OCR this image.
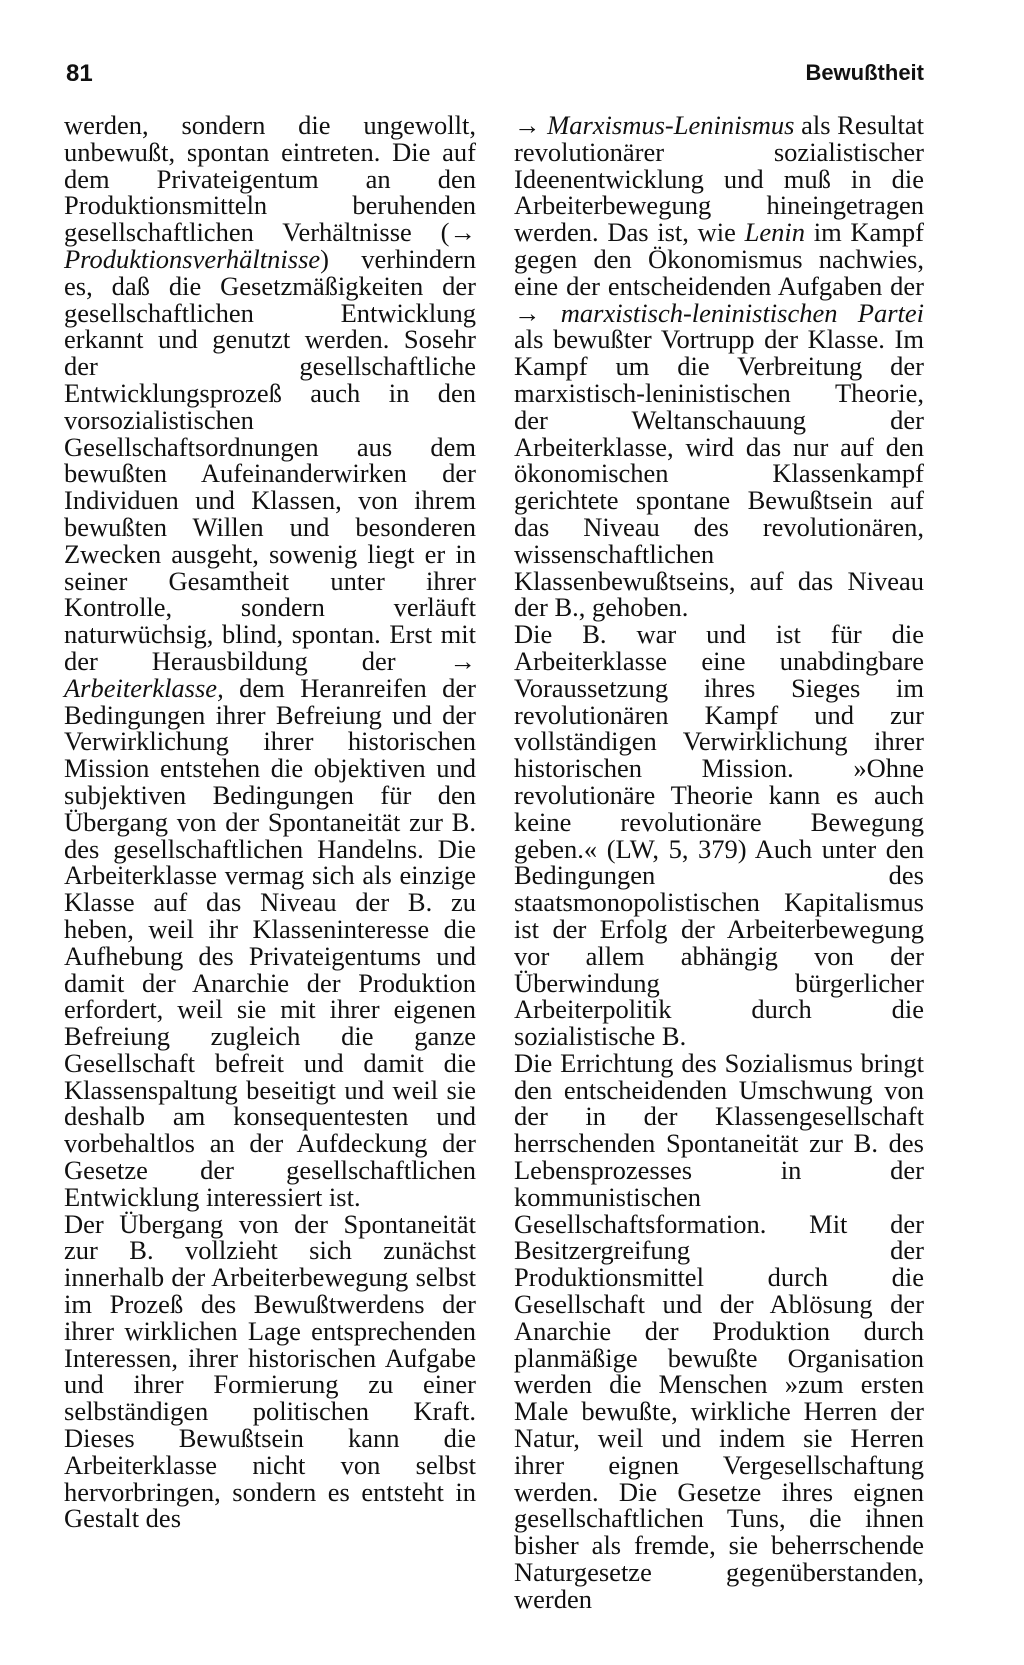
81	Bewußtheit

werden, sondern die ungewollt, unbewußt, spontan eintreten. Die auf dem Privateigentum an den Produktionsmitteln beruhenden gesellschaftlichen Verhältnisse (→ Produktionsverhältnisse) verhindern es, daß die Gesetzmäßigkeiten der gesellschaftlichen Entwicklung erkannt und genutzt werden. Sosehr der gesellschaftliche Entwicklungsprozeß auch in den vorsozialistischen Gesellschaftsordnungen aus dem bewußten Aufeinanderwirken der Individuen und Klassen, von ihrem bewußten Willen und besonderen Zwecken ausgeht, sowenig liegt er in seiner Gesamtheit unter ihrer Kontrolle, sondern verläuft naturwüchsig, blind, spontan. Erst mit der Herausbildung der → Arbeiterklasse, dem Heranreifen der Bedingungen ihrer Befreiung und der Verwirklichung ihrer historischen Mission entstehen die objektiven und subjektiven Bedingungen für den Übergang von der Spontaneität zur B. des gesellschaftlichen Handelns. Die Arbeiterklasse vermag sich als einzige Klasse auf das Niveau der B. zu heben, weil ihr Klasseninteresse die Aufhebung des Privateigentums und damit der Anarchie der Produktion erfordert, weil sie mit ihrer eigenen Befreiung zugleich die ganze Gesellschaft befreit und damit die Klassenspaltung beseitigt und weil sie deshalb am konsequentesten und vorbehaltlos an der Aufdeckung der Gesetze der gesellschaftlichen Entwicklung interessiert ist.

Der Übergang von der Spontaneität zur B. vollzieht sich zunächst innerhalb der Arbeiterbewegung selbst im Prozeß des Bewußtwerdens der ihrer wirklichen Lage entsprechenden Interessen, ihrer historischen Aufgabe und ihrer Formierung zu einer selbständigen politischen Kraft. Dieses Bewußtsein kann die Arbeiterklasse nicht von selbst hervorbringen, sondern es entsteht in Gestalt des

→ Marxismus-Leninismus als Resultat revolutionärer sozialistischer Ideenentwicklung und muß in die Arbeiterbewegung hineingetragen werden. Das ist, wie Lenin im Kampf gegen den Ökonomismus nachwies, eine der entscheidenden Aufgaben der → marxistisch-leninistischen Partei als bewußter Vortrupp der Klasse. Im Kampf um die Verbreitung der marxistisch-leninistischen Theorie, der Weltanschauung der Arbeiterklasse, wird das nur auf den ökonomischen Klassenkampf gerichtete spontane Bewußtsein auf das Niveau des revolutionären, wissenschaftlichen Klassenbewußtseins, auf das Niveau der B., gehoben.

Die B. war und ist für die Arbeiterklasse eine unabdingbare Voraussetzung ihres Sieges im revolutionären Kampf und zur vollständigen Verwirklichung ihrer historischen Mission. »Ohne revolutionäre Theorie kann es auch keine revolutionäre Bewegung geben.« (LW, 5, 379) Auch unter den Bedingungen des staatsmonopolistischen Kapitalismus ist der Erfolg der Arbeiterbewegung vor allem abhängig von der Überwindung bürgerlicher Arbeiterpolitik durch die sozialistische B.

Die Errichtung des Sozialismus bringt den entscheidenden Umschwung von der in der Klassengesellschaft herrschenden Spontaneität zur B. des Lebensprozesses in der kommunistischen Gesellschaftsformation. Mit der Besitzergreifung der Produktionsmittel durch die Gesellschaft und der Ablösung der Anarchie der Produktion durch planmäßige bewußte Organisation werden die Menschen »zum ersten Male bewußte, wirkliche Herren der Natur, weil und indem sie Herren ihrer eignen Vergesellschaftung werden. Die Gesetze ihres eignen gesellschaftlichen Tuns, die ihnen bisher als fremde, sie beherrschende Naturgesetze gegenüberstanden, werden
